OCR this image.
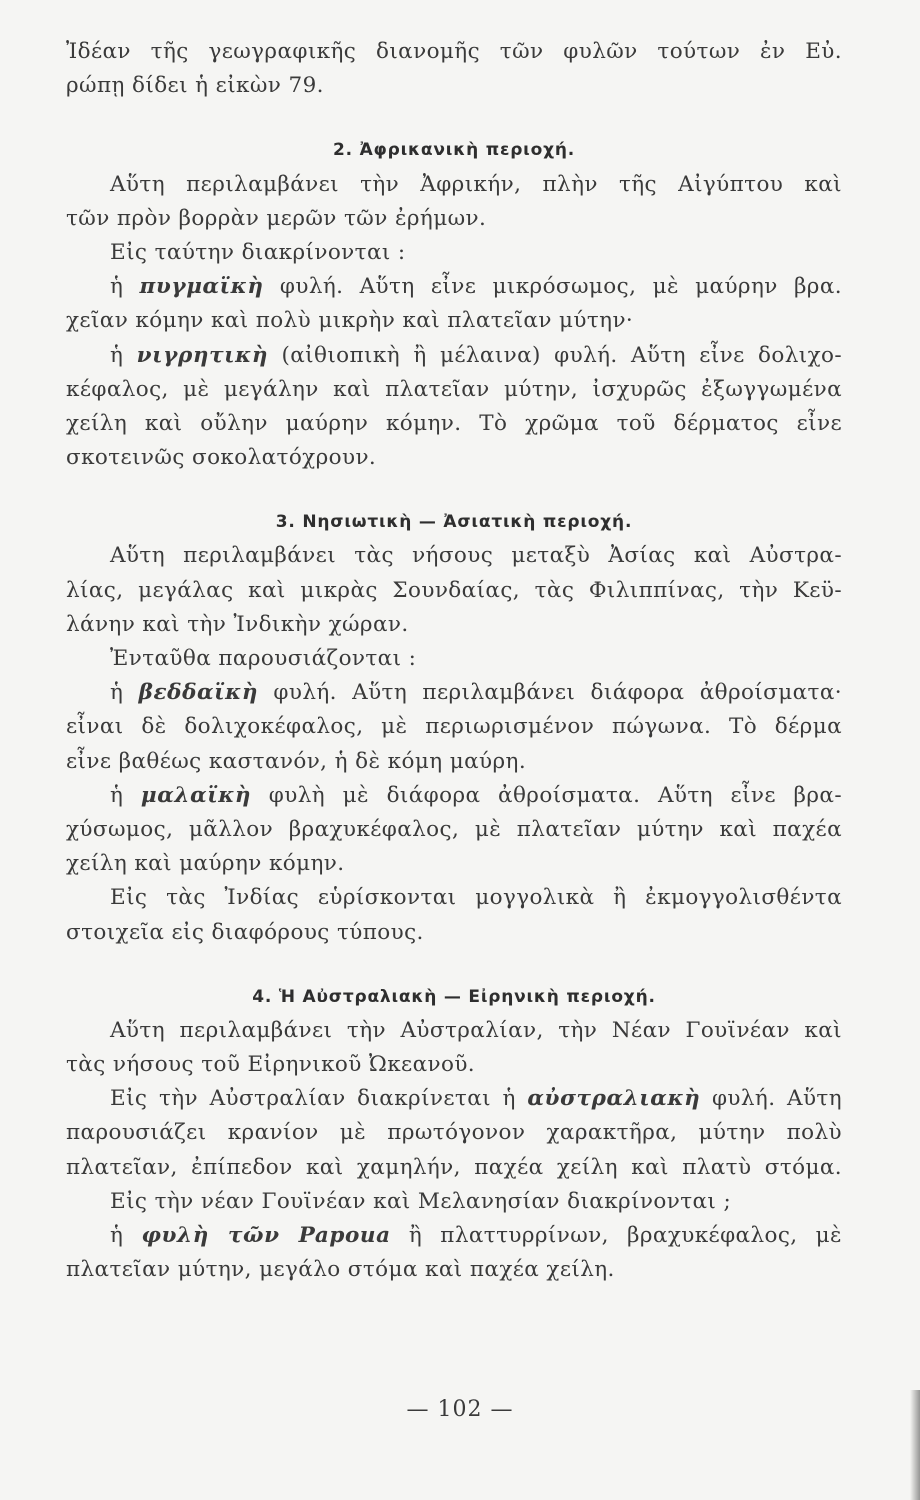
Ἰδέαν τῆς γεωγραφικῆς διανομῆς τῶν φυλῶν τούτων ἐν Εὐ.
ρώπῃ δίδει ἡ εἰκὼν 79.
2. Ἀφρικανικὴ περιοχή.
Αὕτη περιλαμβάνει τὴν Ἀφρικήν, πλὴν τῆς Αἰγύπτου καὶ
τῶν πρὸν βορρὰν μερῶν τῶν ἐρήμων.
Εἰς ταύτην διακρίνονται :
ἡ πυγμαϊκὴ φυλή. Αὕτη εἶνε μικρόσωμος, μὲ μαύρην βρα.
χεῖαν κόμην καὶ πολὺ μικρὴν καὶ πλατεῖαν μύτην·
ἡ νιγρητικὴ (αἰθιοπικὴ ἢ μέλαινα) φυλή. Αὕτη εἶνε δολιχο-
κέφαλος, μὲ μεγάλην καὶ πλατεῖαν μύτην, ἰσχυρῶς ἐξωγγωμένα
χείλη καὶ οὔλην μαύρην κόμην. Τὸ χρῶμα τοῦ δέρματος εἶνε
σκοτεινῶς σοκολατόχρουν.
3. Νησιωτικὴ — Ἀσιατικὴ περιοχή.
Αὕτη περιλαμβάνει τὰς νήσους μεταξὺ Ἀσίας καὶ Αὐστρα-
λίας, μεγάλας καὶ μικρὰς Σουνδαίας, τὰς Φιλιππίνας, τὴν Κεϋ-
λάνην καὶ τὴν Ἰνδικὴν χώραν.
Ἐνταῦθα παρουσιάζονται :
ἡ βεδδαϊκὴ φυλή. Αὕτη περιλαμβάνει διάφορα ἀθροίσματα·
εἶναι δὲ δολιχοκέφαλος, μὲ περιωρισμένον πώγωνα. Τὸ δέρμα
εἶνε βαθέως καστανόν, ἡ δὲ κόμη μαύρη.
ἡ μαλαϊκὴ φυλὴ μὲ διάφορα ἀθροίσματα. Αὕτη εἶνε βρα-
χύσωμος, μᾶλλον βραχυκέφαλος, μὲ πλατεῖαν μύτην καὶ παχέα
χείλη καὶ μαύρην κόμην.
Εἰς τὰς Ἰνδίας εὑρίσκονται μογγολικὰ ἢ ἐκμογγολισθέντα
στοιχεῖα εἰς διαφόρους τύπους.
4. Ἡ Αὐστραλιακὴ — Εἰρηνικὴ περιοχή.
Αὕτη περιλαμβάνει τὴν Αὐστραλίαν, τὴν Νέαν Γουϊνέαν καὶ
τὰς νήσους τοῦ Εἰρηνικοῦ Ὠκεανοῦ.
Εἰς τὴν Αὐστραλίαν διακρίνεται ἡ αὐστραλιακὴ φυλή. Αὕτη
παρουσιάζει κρανίον μὲ πρωτόγονον χαρακτῆρα, μύτην πολὺ
πλατεῖαν, ἐπίπεδον καὶ χαμηλήν, παχέα χείλη καὶ πλατὺ στόμα.
Εἰς τὴν νέαν Γουϊνέαν καὶ Μελανησίαν διακρίνονται ;
ἡ φυλὴ τῶν Papoua ἢ πλαττυρρίνων, βραχυκέφαλος, μὲ
πλατεῖαν μύτην, μεγάλο στόμα καὶ παχέα χείλη.
— 102 —
